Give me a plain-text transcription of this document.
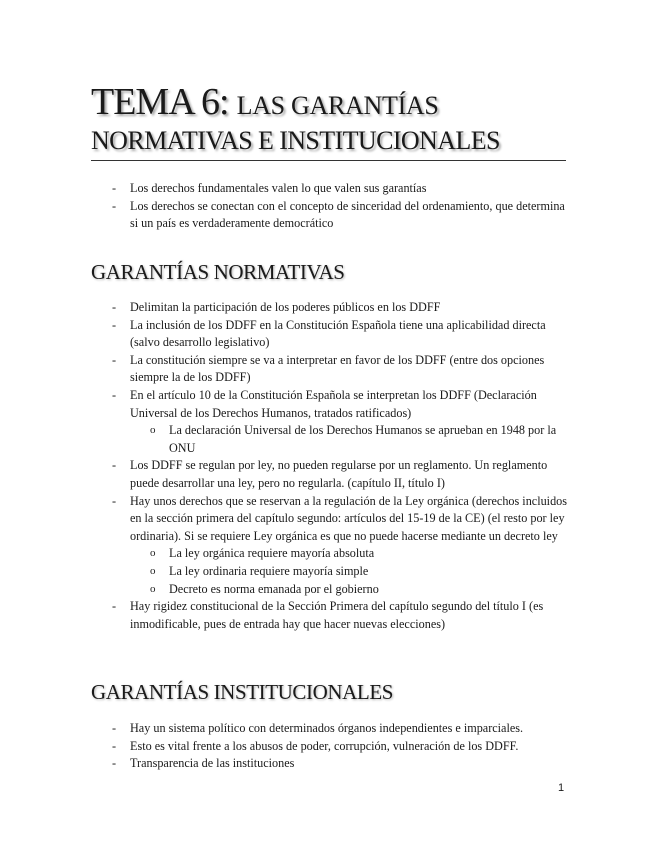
TEMA 6: LAS GARANTÍAS
NORMATIVAS E INSTITUCIONALES
- Los derechos fundamentales valen lo que valen sus garantías
- Los derechos se conectan con el concepto de sinceridad del ordenamiento, que determina si un país es verdaderamente democrático
GARANTÍAS NORMATIVAS
- Delimitan la participación de los poderes públicos en los DDFF
- La inclusión de los DDFF en la Constitución Española tiene una aplicabilidad directa (salvo desarrollo legislativo)
- La constitución siempre se va a interpretar en favor de los DDFF (entre dos opciones siempre la de los DDFF)
- En el artículo 10 de la Constitución Española se interpretan los DDFF (Declaración Universal de los Derechos Humanos, tratados ratificados)
o La declaración Universal de los Derechos Humanos se aprueban en 1948 por la ONU
- Los DDFF se regulan por ley, no pueden regularse por un reglamento. Un reglamento puede desarrollar una ley, pero no regularla. (capítulo II, título I)
- Hay unos derechos que se reservan a la regulación de la Ley orgánica (derechos incluidos en la sección primera del capítulo segundo: artículos del 15-19 de la CE) (el resto por ley ordinaria). Si se requiere Ley orgánica es que no puede hacerse mediante un decreto ley
o La ley orgánica requiere mayoría absoluta
o La ley ordinaria requiere mayoría simple
o Decreto es norma emanada por el gobierno
- Hay rigidez constitucional de la Sección Primera del capítulo segundo del título I (es inmodificable, pues de entrada hay que hacer nuevas elecciones)
GARANTÍAS INSTITUCIONALES
- Hay un sistema político con determinados órganos independientes e imparciales.
- Esto es vital frente a los abusos de poder, corrupción, vulneración de los DDFF.
- Transparencia de las instituciones
1
